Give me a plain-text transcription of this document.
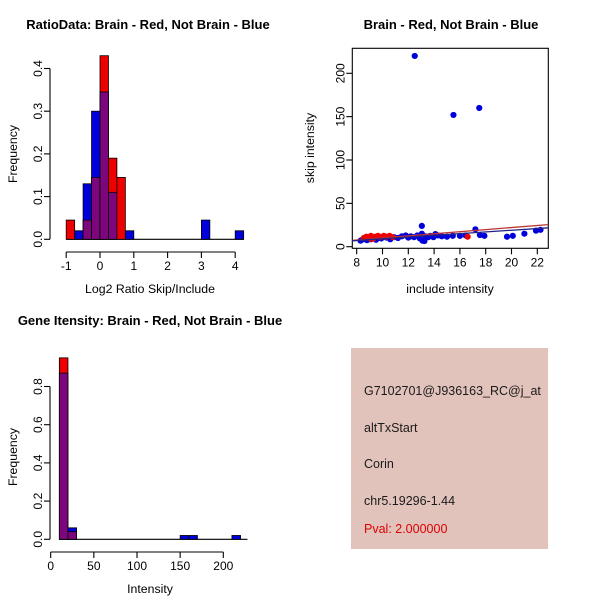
RatioData: Brain - Red, Not Brain - Blue
Log2 Ratio Skip/Include
Frequency
0.0
0.1
0.2
0.3
0.4
-1 0 1 2 3 4
Brain - Red, Not Brain - Blue
include intensity
skip intensity
8 10 12 14 16 18 20 22
0
50
100
150
200
Gene Itensity: Brain - Red, Not Brain - Blue
Intensity
Frequency
0.0
0.2
0.4
0.6
0.8
0	50 100 150 200
G7102701@J936163_RC@j_at
altTxStart
Corin
chr5.19296-1.44
Pval: 2.000000
